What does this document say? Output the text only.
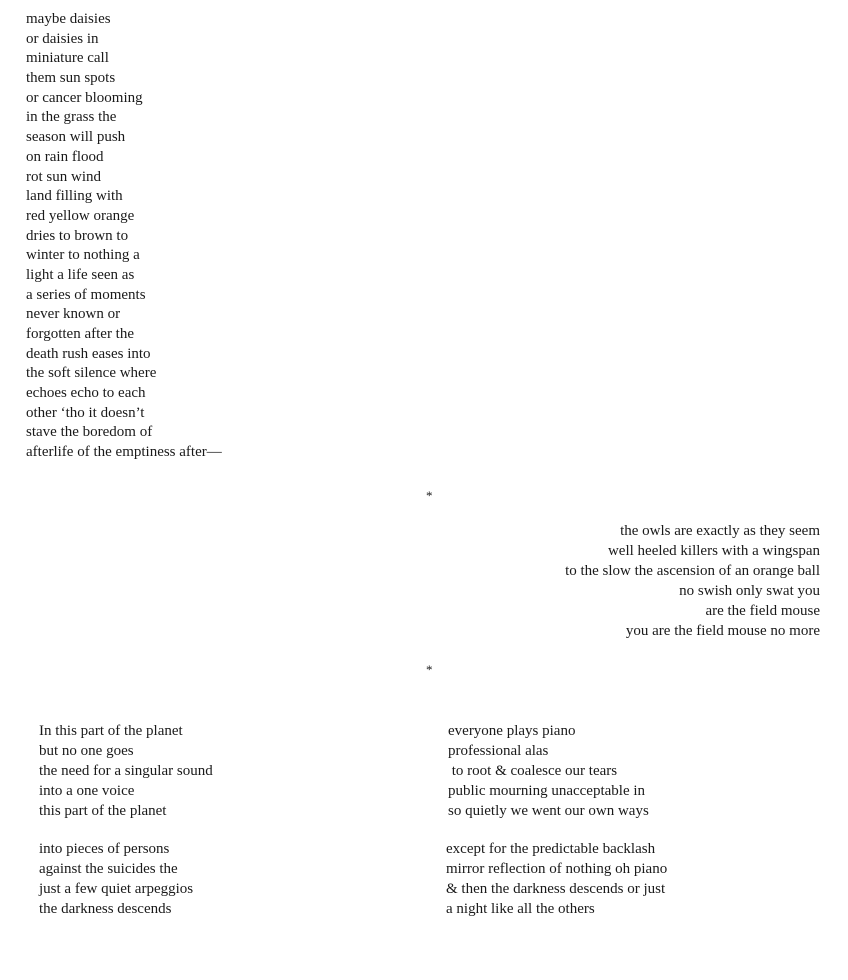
maybe daisies
or daisies in
miniature call
them sun spots
or cancer blooming
in the grass the
season will push
on rain flood
rot sun wind
land filling with
red yellow orange
dries to brown to
winter to nothing a
light a life seen as
a series of moments
never known or
forgotten after the
death rush eases into
the soft silence where
echoes echo to each
other ‘tho it doesn’t
stave the boredom of
afterlife of the emptiness after—
*
the owls are exactly as they seem
well heeled killers with a wingspan
to the slow the ascension of an orange ball
no swish only swat you
are the field mouse
you are the field mouse no more
*
In this part of the planet
but no one goes
the need for a singular sound
into a one voice
this part of the planet
everyone plays piano
professional alas
to root & coalesce our tears
public mourning unacceptable in
so quietly we went our own ways
into pieces of persons
against the suicides the
just a few quiet arpeggios
the darkness descends
except for the predictable backlash
mirror reflection of nothing oh piano
& then the darkness descends or just
a night like all the others
